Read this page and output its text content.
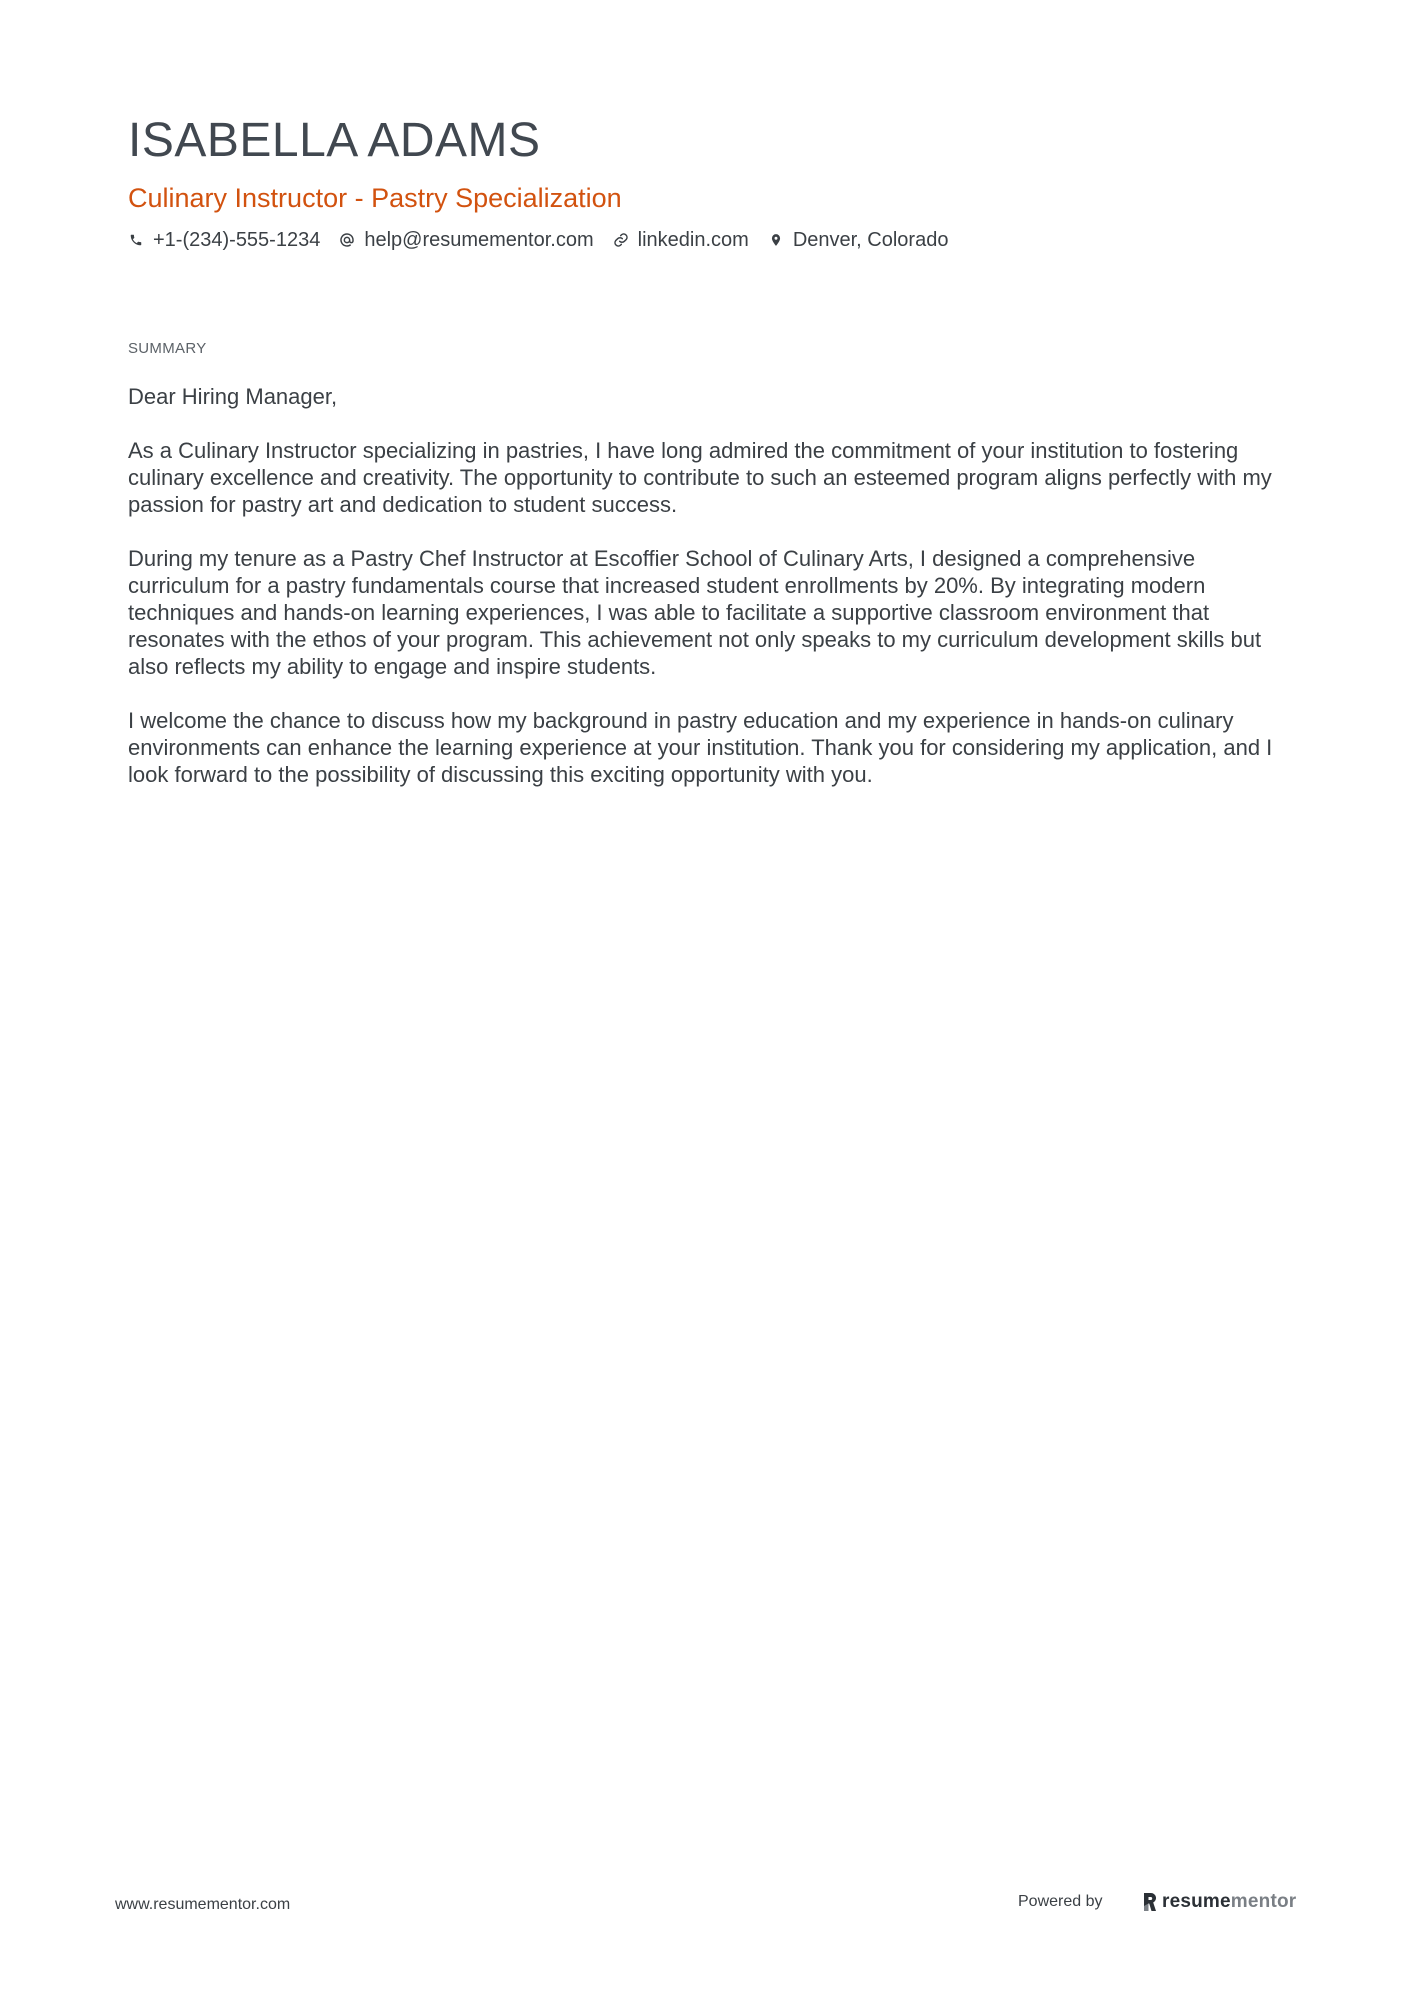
ISABELLA ADAMS
Culinary Instructor - Pastry Specialization
+1-(234)-555-1234 help@resumementor.com linkedin.com Denver, Colorado
SUMMARY

Dear Hiring Manager,

As a Culinary Instructor specializing in pastries, I have long admired the commitment of your institution to fostering culinary excellence and creativity. The opportunity to contribute to such an esteemed program aligns perfectly with my passion for pastry art and dedication to student success.

During my tenure as a Pastry Chef Instructor at Escoffier School of Culinary Arts, I designed a comprehensive curriculum for a pastry fundamentals course that increased student enrollments by 20%. By integrating modern techniques and hands-on learning experiences, I was able to facilitate a supportive classroom environment that resonates with the ethos of your program. This achievement not only speaks to my curriculum development skills but also reflects my ability to engage and inspire students.

I welcome the chance to discuss how my background in pastry education and my experience in hands-on culinary environments can enhance the learning experience at your institution. Thank you for considering my application, and I look forward to the possibility of discussing this exciting opportunity with you.

www.resumementor.com	Powered by	resumementor
